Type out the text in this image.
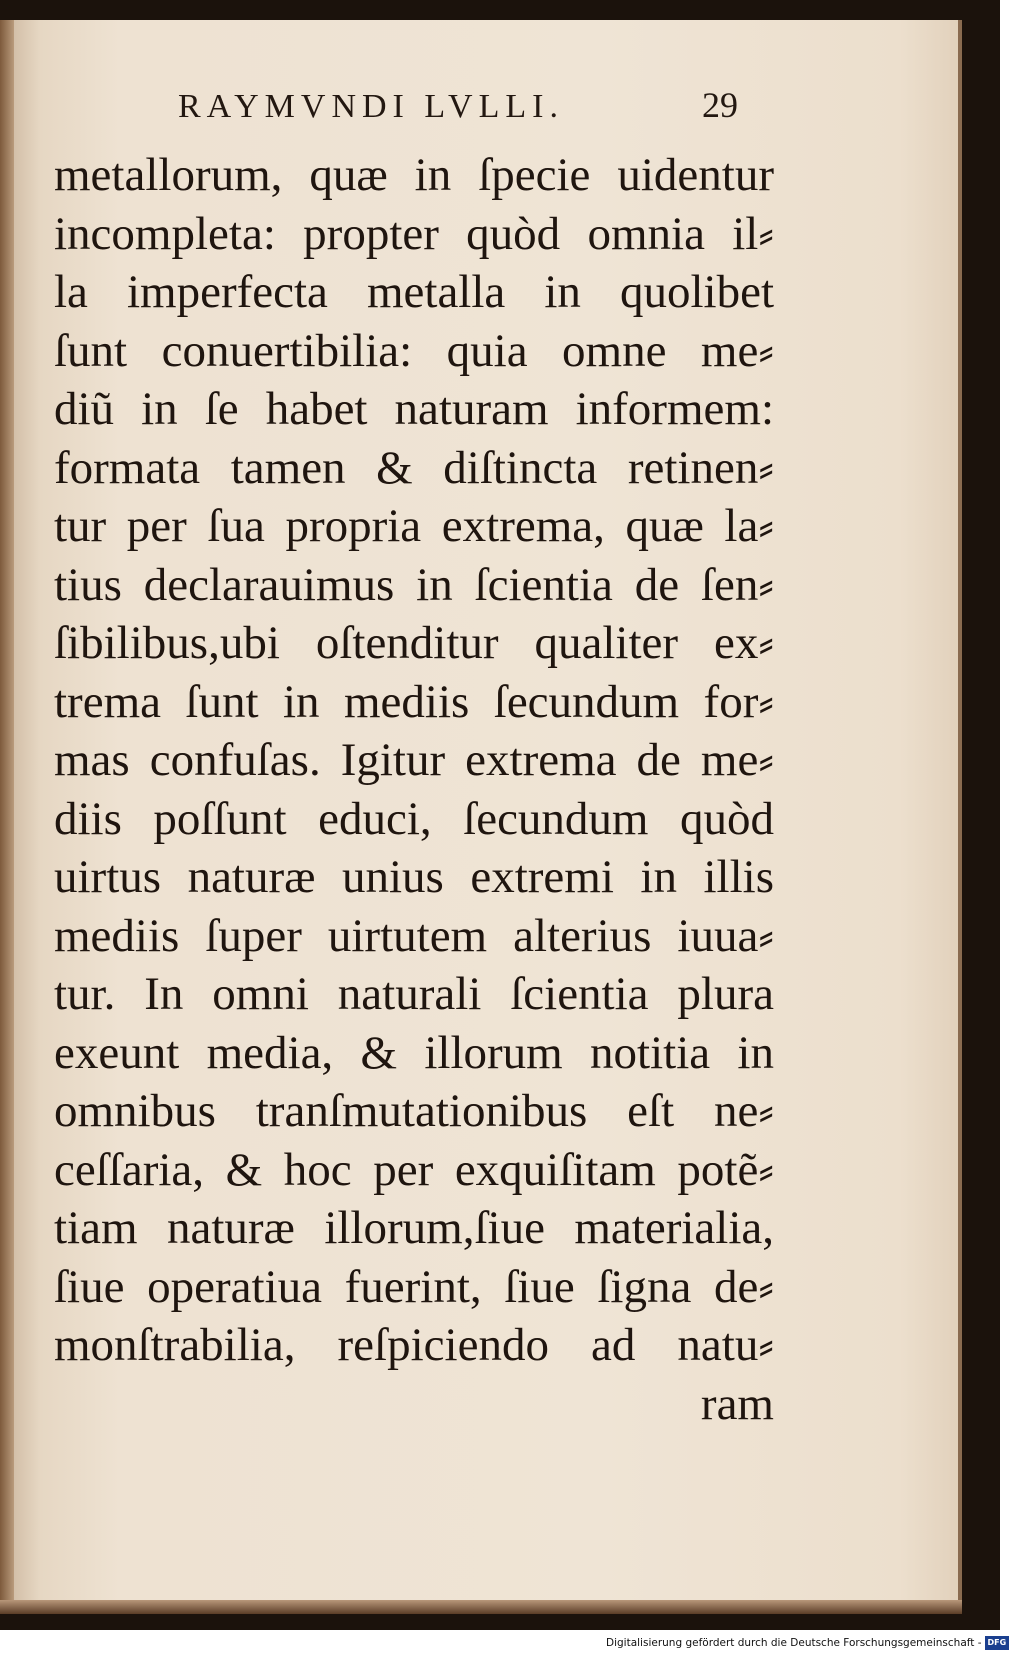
RAYMVNDI LVLLI.	29
metallorum, quæ in ſpecie uidentur
incompleta: propter quòd omnia il⸗
la imperfecta metalla in quolibet
ſunt conuertibilia: quia omne me⸗
diũ in ſe habet naturam informem:
formata tamen & diſtincta retinen⸗
tur per ſua propria extrema, quæ la⸗
tius declarauimus in ſcientia de ſen⸗
ſibilibus,ubi oſtenditur qualiter ex⸗
trema ſunt in mediis ſecundum for⸗
mas confuſas. Igitur extrema de me⸗
diis poſſunt educi, ſecundum quòd
uirtus naturæ unius extremi in illis
mediis ſuper uirtutem alterius iuua⸗
tur. In omni naturali ſcientia plura
exeunt media, & illorum notitia in
omnibus tranſmutationibus eſt ne⸗
ceſſaria, & hoc per exquiſitam potẽ⸗
tiam naturæ illorum,ſiue materialia,
ſiue operatiua fuerint, ſiue ſigna de⸗
monſtrabilia, reſpiciendo ad natu⸗
ram
Digitalisierung gefördert durch die Deutsche Forschungsgemeinschaft - DFG
